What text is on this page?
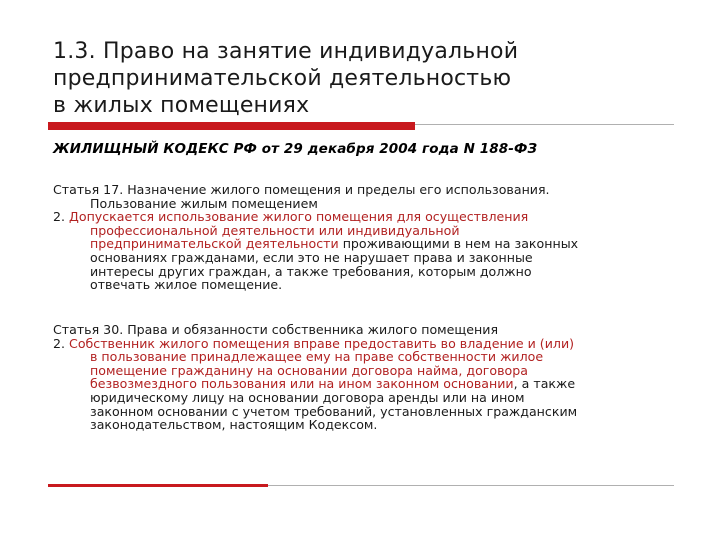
1.3. Право на занятие индивидуальной
предпринимательской деятельностью
в жилых помещениях
ЖИЛИЩНЫЙ КОДЕКС РФ от 29 декабря 2004 года N 188-ФЗ
Статья 17. Назначение жилого помещения и пределы его использования.
Пользование жилым помещением
2. Допускается использование жилого помещения для осуществления
профессиональной деятельности или индивидуальной
предпринимательской деятельности проживающими в нем на законных
основаниях гражданами, если это не нарушает права и законные
интересы других граждан, а также требования, которым должно
отвечать жилое помещение.
Статья 30. Права и обязанности собственника жилого помещения
2. Собственник жилого помещения вправе предоставить во владение и (или)
в пользование принадлежащее ему на праве собственности жилое
помещение гражданину на основании договора найма, договора
безвозмездного пользования или на ином законном основании, а также
юридическому лицу на основании договора аренды или на ином
законном основании с учетом требований, установленных гражданским
законодательством, настоящим Кодексом.
